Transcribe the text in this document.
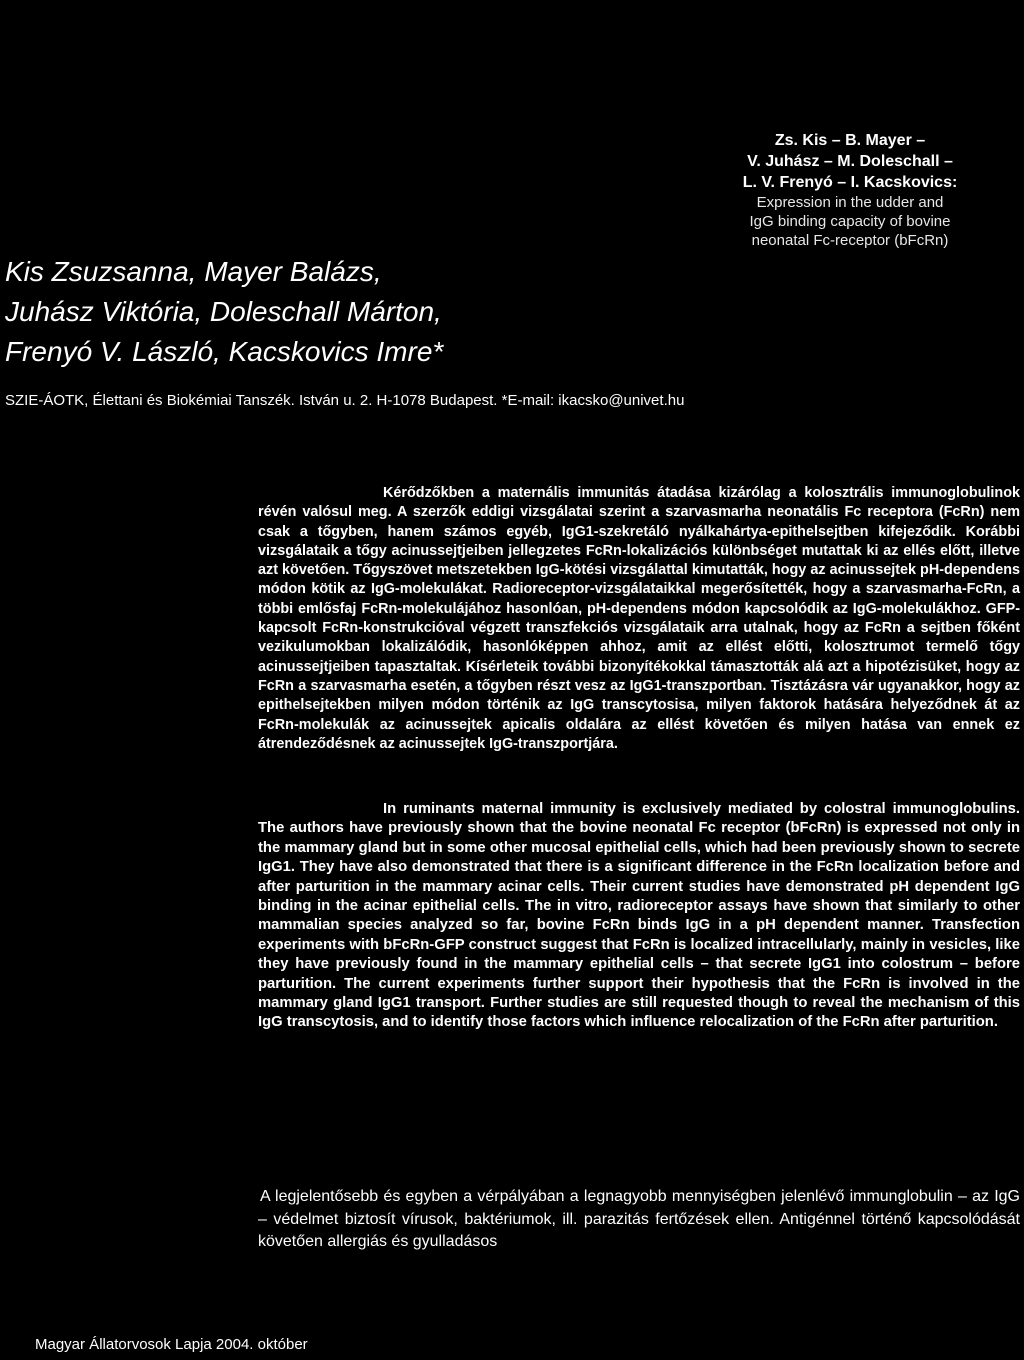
Zs. Kis – B. Mayer –
V. Juhász – M. Doleschall –
L. V. Frenyó – I. Kacskovics:
Expression in the udder and
IgG binding capacity of bovine
neonatal Fc-receptor (bFcRn)
Kis Zsuzsanna, Mayer Balázs,
Juhász Viktória, Doleschall Márton,
Frenyó V. László, Kacskovics Imre*
SZIE-ÁOTK, Élettani és Biokémiai Tanszék. István u. 2. H-1078 Budapest. *E-mail: ikacsko@univet.hu

Kérődzőkben a maternális immunitás átadása kizárólag a kolosztrális immunoglobulinok révén valósul meg. A szerzők eddigi vizsgálatai szerint a szarvasmarha neonatális Fc receptora (FcRn) nem csak a tőgyben, hanem számos egyéb, IgG1-szekretáló nyálkahártya-epithelsejtben kifejeződik. Korábbi vizsgálataik a tőgy acinussejtjeiben jellegzetes FcRn-lokalizációs különbséget mutattak ki az ellés előtt, illetve azt követően. Tőgyszövet metszetekben IgG-kötési vizsgálattal kimutatták, hogy az acinussejtek pH-dependens módon kötik az IgG-molekulákat. Radioreceptor-vizsgálataikkal megerősítették, hogy a szarvasmarha-FcRn, a többi emlősfaj FcRn-molekulájához hasonlóan, pH-dependens módon kapcsolódik az IgG-molekulákhoz. GFP-kapcsolt FcRn-konstrukcióval végzett transzfekciós vizsgálataik arra utalnak, hogy az FcRn a sejtben főként vezikulumokban lokalizálódik, hasonlóképpen ahhoz, amit az ellést előtti, kolosztrumot termelő tőgy acinussejtjeiben tapasztaltak. Kísérleteik további bizonyítékokkal támasztották alá azt a hipotézisüket, hogy az FcRn a szarvasmarha esetén, a tőgyben részt vesz az IgG1-transzportban. Tisztázásra vár ugyanakkor, hogy az epithelsejtekben milyen módon történik az IgG transcytosisa, milyen faktorok hatására helyeződnek át az FcRn-molekulák az acinussejtek apicalis oldalára az ellést követően és milyen hatása van ennek ez átrendeződésnek az acinussejtek IgG-transzportjára.

In ruminants maternal immunity is exclusively mediated by colostral immunoglobulins. The authors have previously shown that the bovine neonatal Fc receptor (bFcRn) is expressed not only in the mammary gland but in some other mucosal epithelial cells, which had been previously shown to secrete IgG1. They have also demonstrated that there is a significant difference in the FcRn localization before and after parturition in the mammary acinar cells. Their current studies have demonstrated pH dependent IgG binding in the acinar epithelial cells. The in vitro, radioreceptor assays have shown that similarly to other mammalian species analyzed so far, bovine FcRn binds IgG in a pH dependent manner. Transfection experiments with bFcRn-GFP construct suggest that FcRn is localized intracellularly, mainly in vesicles, like they have previously found in the mammary epithelial cells – that secrete IgG1 into colostrum – before parturition. The current experiments further support their hypothesis that the FcRn is involved in the mammary gland IgG1 transport. Further studies are still requested though to reveal the mechanism of this IgG transcytosis, and to identify those factors which influence relocalization of the FcRn after parturition.

A legjelentősebb és egyben a vérpályában a legnagyobb mennyiségben jelenlévő immunglobulin – az IgG – védelmet biztosít vírusok, baktériumok, ill. parazitás fertőzések ellen. Antigénnel történő kapcsolódását követően allergiás és gyulladásos

Magyar Állatorvosok Lapja 2004. október
